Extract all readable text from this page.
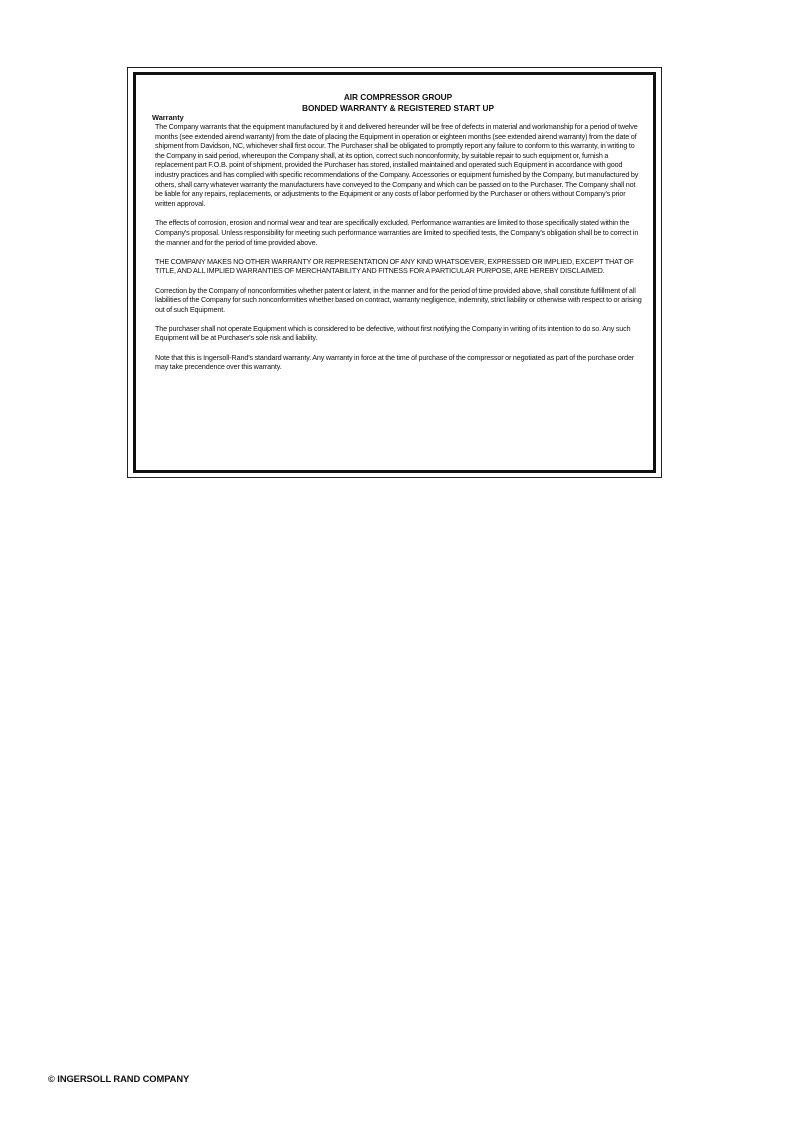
AIR COMPRESSOR GROUP
BONDED WARRANTY & REGISTERED START UP
Warranty

The Company warrants that the equipment manufactured by it and delivered hereunder will be free of defects in material and workmanship for a period of twelve months (see extended airend warranty) from the date of placing the Equipment in operation or eighteen months (see extended airend warranty) from the date of shipment from Davidson, NC, whichever shall first occur. The Purchaser shall be obligated to promptly report any failure to conform to this warranty, in writing to the Company in said period, whereupon the Company shall, at its option, correct such nonconformity, by suitable repair to such equipment or, furnish a replacement part F.O.B. point of shipment, provided the Purchaser has stored, installed maintained and operated such Equipment in accordance with good industry practices and has complied with specific recommendations of the Company. Accessories or equipment furnished by the Company, but manufactured by others, shall carry whatever warranty the manufacturers have conveyed to the Company and which can be passed on to the Purchaser. The Company shall not be liable for any repairs, replacements, or adjustments to the Equipment or any costs of labor performed by the Purchaser or others without Company's prior written approval.

The effects of corrosion, erosion and normal wear and tear are specifically excluded. Performance warranties are limited to those specifically stated within the Company's proposal. Unless responsibility for meeting such performance warranties are limited to specified tests, the Company's obligation shall be to correct in the manner and for the period of time provided above.

THE COMPANY MAKES NO OTHER WARRANTY OR REPRESENTATION OF ANY KIND WHATSOEVER, EXPRESSED OR IMPLIED, EXCEPT THAT OF TITLE, AND ALL IMPLIED WARRANTIES OF MERCHANTABILITY AND FITNESS FOR A PARTICULAR PURPOSE, ARE HEREBY DISCLAIMED.

Correction by the Company of nonconformities whether patent or latent, in the manner and for the period of time provided above, shall constitute fulfillment of all liabilities of the Company for such nonconformities whether based on contract, warranty negligence, indemnity, strict liability or otherwise with respect to or arising out of such Equipment.

The purchaser shall not operate Equipment which is considered to be defective, without first notifying the Company in writing of its intention to do so. Any such Equipment will be at Purchaser's sole risk and liability.

Note that this is Ingersoll-Rand's standard warranty. Any warranty in force at the time of purchase of the compressor or negotiated as part of the purchase order may take precendence over this warranty.

© INGERSOLL RAND COMPANY
